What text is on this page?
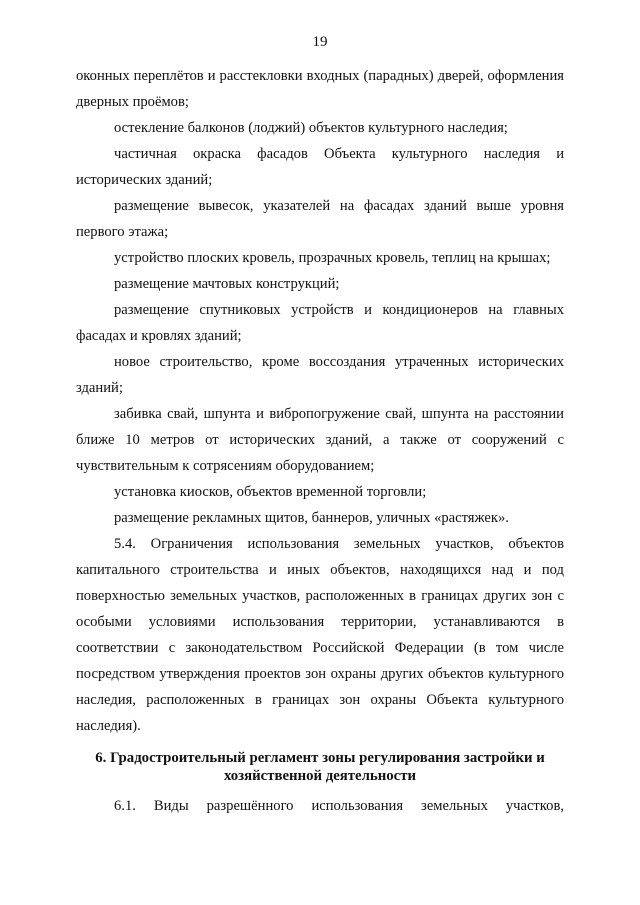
19

оконных переплётов и расстекловки входных (парадных) дверей, оформления дверных проёмов;

остекление балконов (лоджий) объектов культурного наследия;

частичная окраска фасадов Объекта культурного наследия и исторических зданий;

размещение вывесок, указателей на фасадах зданий выше уровня первого этажа;

устройство плоских кровель, прозрачных кровель, теплиц на крышах;

размещение мачтовых конструкций;

размещение спутниковых устройств и кондиционеров на главных фасадах и кровлях зданий;

новое строительство, кроме воссоздания утраченных исторических зданий;

забивка свай, шпунта и вибропогружение свай, шпунта на расстоянии ближе 10 метров от исторических зданий, а также от сооружений с чувствительным к сотрясениям оборудованием;

установка киосков, объектов временной торговли;

размещение рекламных щитов, баннеров, уличных «растяжек».

5.4. Ограничения использования земельных участков, объектов капитального строительства и иных объектов, находящихся над и под поверхностью земельных участков, расположенных в границах других зон с особыми условиями использования территории, устанавливаются в соответствии с законодательством Российской Федерации (в том числе посредством утверждения проектов зон охраны других объектов культурного наследия, расположенных в границах зон охраны Объекта культурного наследия).

6. Градостроительный регламент зоны регулирования застройки и
хозяйственной деятельности

6.1. Виды разрешённого использования земельных участков,
